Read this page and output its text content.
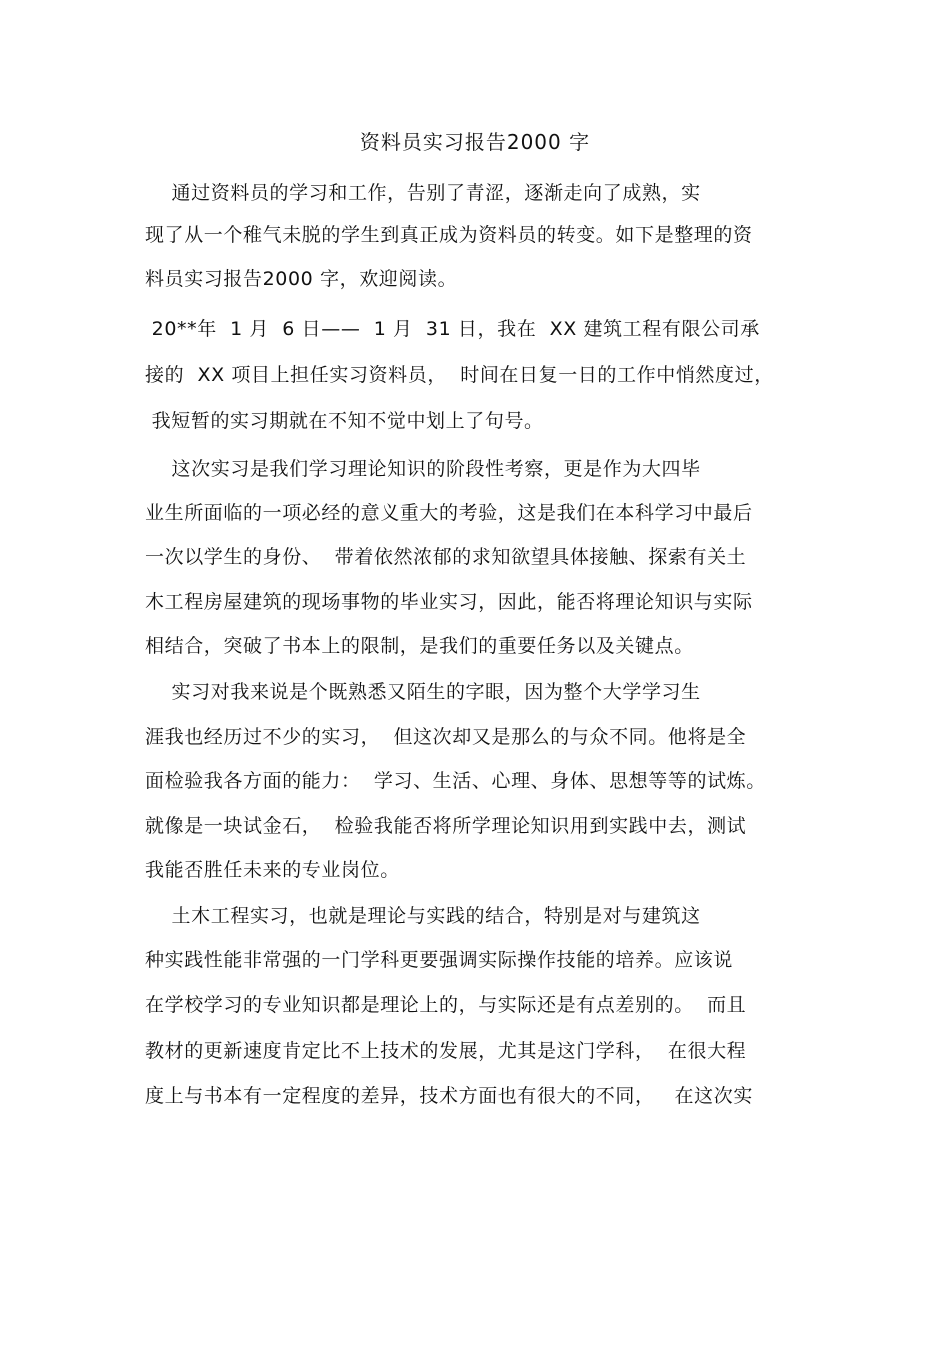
资料员实习报告2000 字
通过资料员的学习和工作，告别了青涩，逐渐走向了成熟，实
现了从一个稚气未脱的学生到真正成为资料员的转变。如下是整理的资
料员实习报告2000 字，欢迎阅读。
20**年  1 月  6 日——  1 月  31 日，我在  XX 建筑工程有限公司承
接的  XX 项目上担任实习资料员，  时间在日复一日的工作中悄然度过，
我短暂的实习期就在不知不觉中划上了句号。
这次实习是我们学习理论知识的阶段性考察，更是作为大四毕
业生所面临的一项必经的意义重大的考验，这是我们在本科学习中最后
一次以学生的身份、  带着依然浓郁的求知欲望具体接触、探索有关土
木工程房屋建筑的现场事物的毕业实习，因此，能否将理论知识与实际
相结合，突破了书本上的限制，是我们的重要任务以及关键点。
实习对我来说是个既熟悉又陌生的字眼，因为整个大学学习生
涯我也经历过不少的实习，  但这次却又是那么的与众不同。他将是全
面检验我各方面的能力：  学习、生活、心理、身体、思想等等的试炼。
就像是一块试金石，  检验我能否将所学理论知识用到实践中去，测试
我能否胜任未来的专业岗位。
土木工程实习，也就是理论与实践的结合，特别是对与建筑这
种实践性能非常强的一门学科更要强调实际操作技能的培养。应该说
在学校学习的专业知识都是理论上的，与实际还是有点差别的。  而且
教材的更新速度肯定比不上技术的发展，尤其是这门学科，  在很大程
度上与书本有一定程度的差异，技术方面也有很大的不同，   在这次实
